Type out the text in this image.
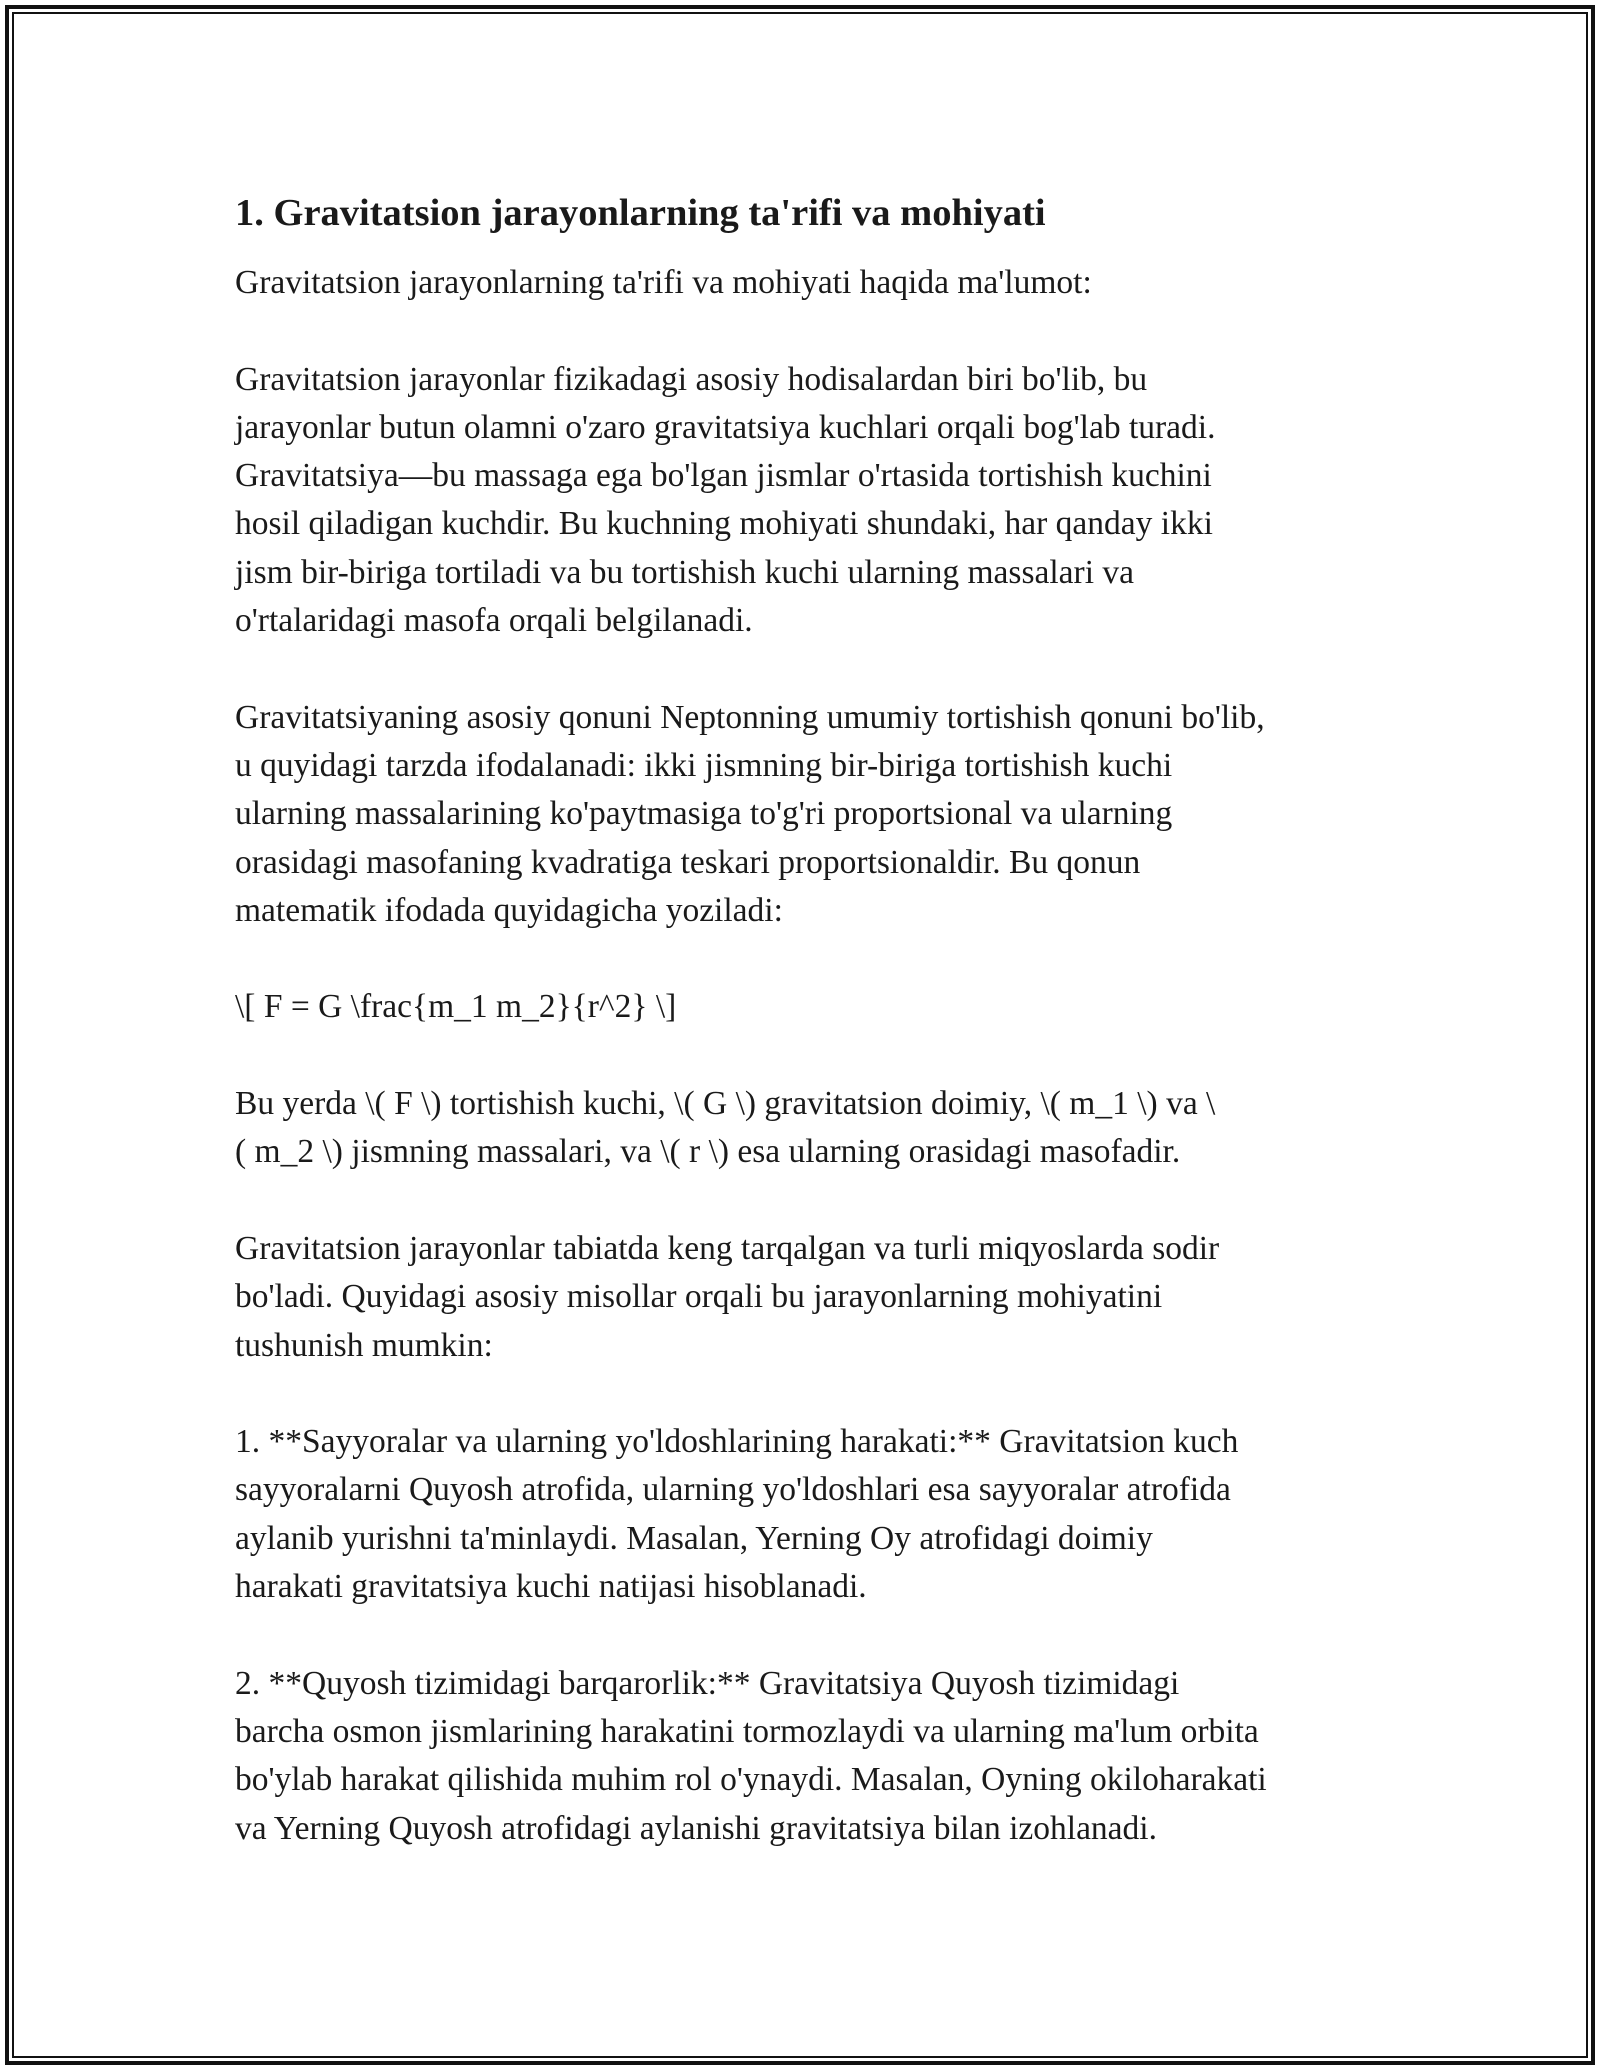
1. Gravitatsion jarayonlarning ta'rifi va mohiyati

Gravitatsion jarayonlarning ta'rifi va mohiyati haqida ma'lumot:

Gravitatsion jarayonlar fizikadagi asosiy hodisalardan biri bo'lib, bu
jarayonlar butun olamni o'zaro gravitatsiya kuchlari orqali bog'lab turadi.
Gravitatsiya—bu massaga ega bo'lgan jismlar o'rtasida tortishish kuchini
hosil qiladigan kuchdir. Bu kuchning mohiyati shundaki, har qanday ikki
jism bir-biriga tortiladi va bu tortishish kuchi ularning massalari va
o'rtalaridagi masofa orqali belgilanadi.

Gravitatsiyaning asosiy qonuni Neptonning umumiy tortishish qonuni bo'lib,
u quyidagi tarzda ifodalanadi: ikki jismning bir-biriga tortishish kuchi
ularning massalarining ko'paytmasiga to'g'ri proportsional va ularning
orasidagi masofaning kvadratiga teskari proportsionaldir. Bu qonun
matematik ifodada quyidagicha yoziladi:

\[ F = G \frac{m_1 m_2}{r^2} \]

Bu yerda \( F \) tortishish kuchi, \( G \) gravitatsion doimiy, \( m_1 \) va \
( m_2 \) jismning massalari, va \( r \) esa ularning orasidagi masofadir.

Gravitatsion jarayonlar tabiatda keng tarqalgan va turli miqyoslarda sodir
bo'ladi. Quyidagi asosiy misollar orqali bu jarayonlarning mohiyatini
tushunish mumkin:

1. **Sayyoralar va ularning yo'ldoshlarining harakati:** Gravitatsion kuch
sayyoralarni Quyosh atrofida, ularning yo'ldoshlari esa sayyoralar atrofida
aylanib yurishni ta'minlaydi. Masalan, Yerning Oy atrofidagi doimiy
harakati gravitatsiya kuchi natijasi hisoblanadi.

2. **Quyosh tizimidagi barqarorlik:** Gravitatsiya Quyosh tizimidagi
barcha osmon jismlarining harakatini tormozlaydi va ularning ma'lum orbita
bo'ylab harakat qilishida muhim rol o'ynaydi. Masalan, Oyning okiloharakati
va Yerning Quyosh atrofidagi aylanishi gravitatsiya bilan izohlanadi.
